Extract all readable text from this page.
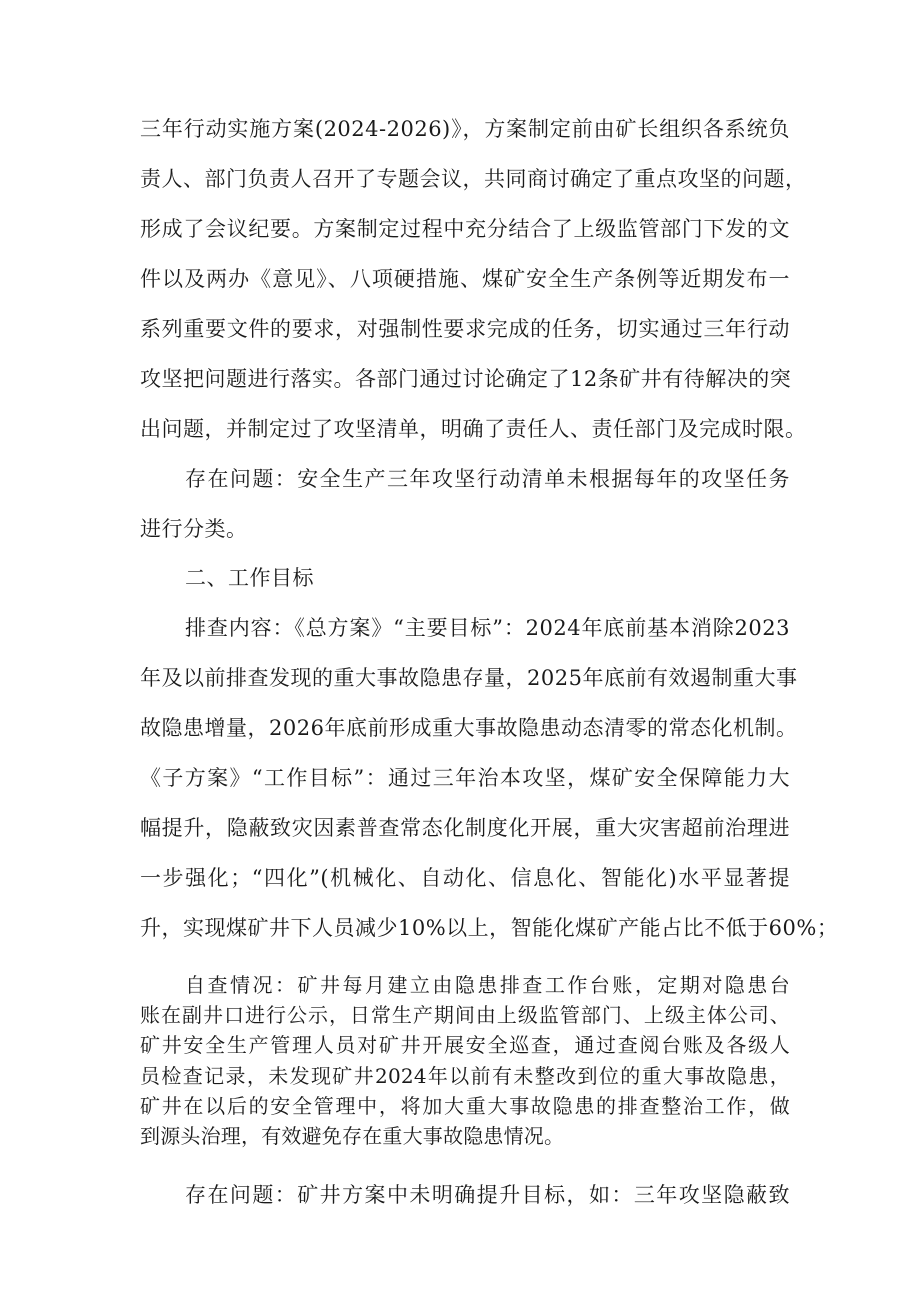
三年行动实施方案(2024-2026)》，方案制定前由矿长组织各系统负
责人、部门负责人召开了专题会议，共同商讨确定了重点攻坚的问题，
形成了会议纪要。方案制定过程中充分结合了上级监管部门下发的文
件以及两办《意见》、八项硬措施、煤矿安全生产条例等近期发布一
系列重要文件的要求，对强制性要求完成的任务，切实通过三年行动
攻坚把问题进行落实。各部门通过讨论确定了12条矿井有待解决的突
出问题，并制定过了攻坚清单，明确了责任人、责任部门及完成时限。
存在问题：安全生产三年攻坚行动清单未根据每年的攻坚任务
进行分类。
二、工作目标
排查内容：《总方案》“主要目标”：2024年底前基本消除2023
年及以前排查发现的重大事故隐患存量，2025年底前有效遏制重大事
故隐患增量，2026年底前形成重大事故隐患动态清零的常态化机制。
《子方案》“工作目标”：通过三年治本攻坚，煤矿安全保障能力大
幅提升，隐蔽致灾因素普查常态化制度化开展，重大灾害超前治理进
一步强化；“四化”(机械化、自动化、信息化、智能化)水平显著提
升，实现煤矿井下人员减少10%以上，智能化煤矿产能占比不低于60%；
自查情况：矿井每月建立由隐患排查工作台账，定期对隐患台
账在副井口进行公示，日常生产期间由上级监管部门、上级主体公司、
矿井安全生产管理人员对矿井开展安全巡查，通过查阅台账及各级人
员检查记录，未发现矿井2024年以前有未整改到位的重大事故隐患，
矿井在以后的安全管理中，将加大重大事故隐患的排查整治工作，做
到源头治理，有效避免存在重大事故隐患情况。
存在问题：矿井方案中未明确提升目标，如：三年攻坚隐蔽致
